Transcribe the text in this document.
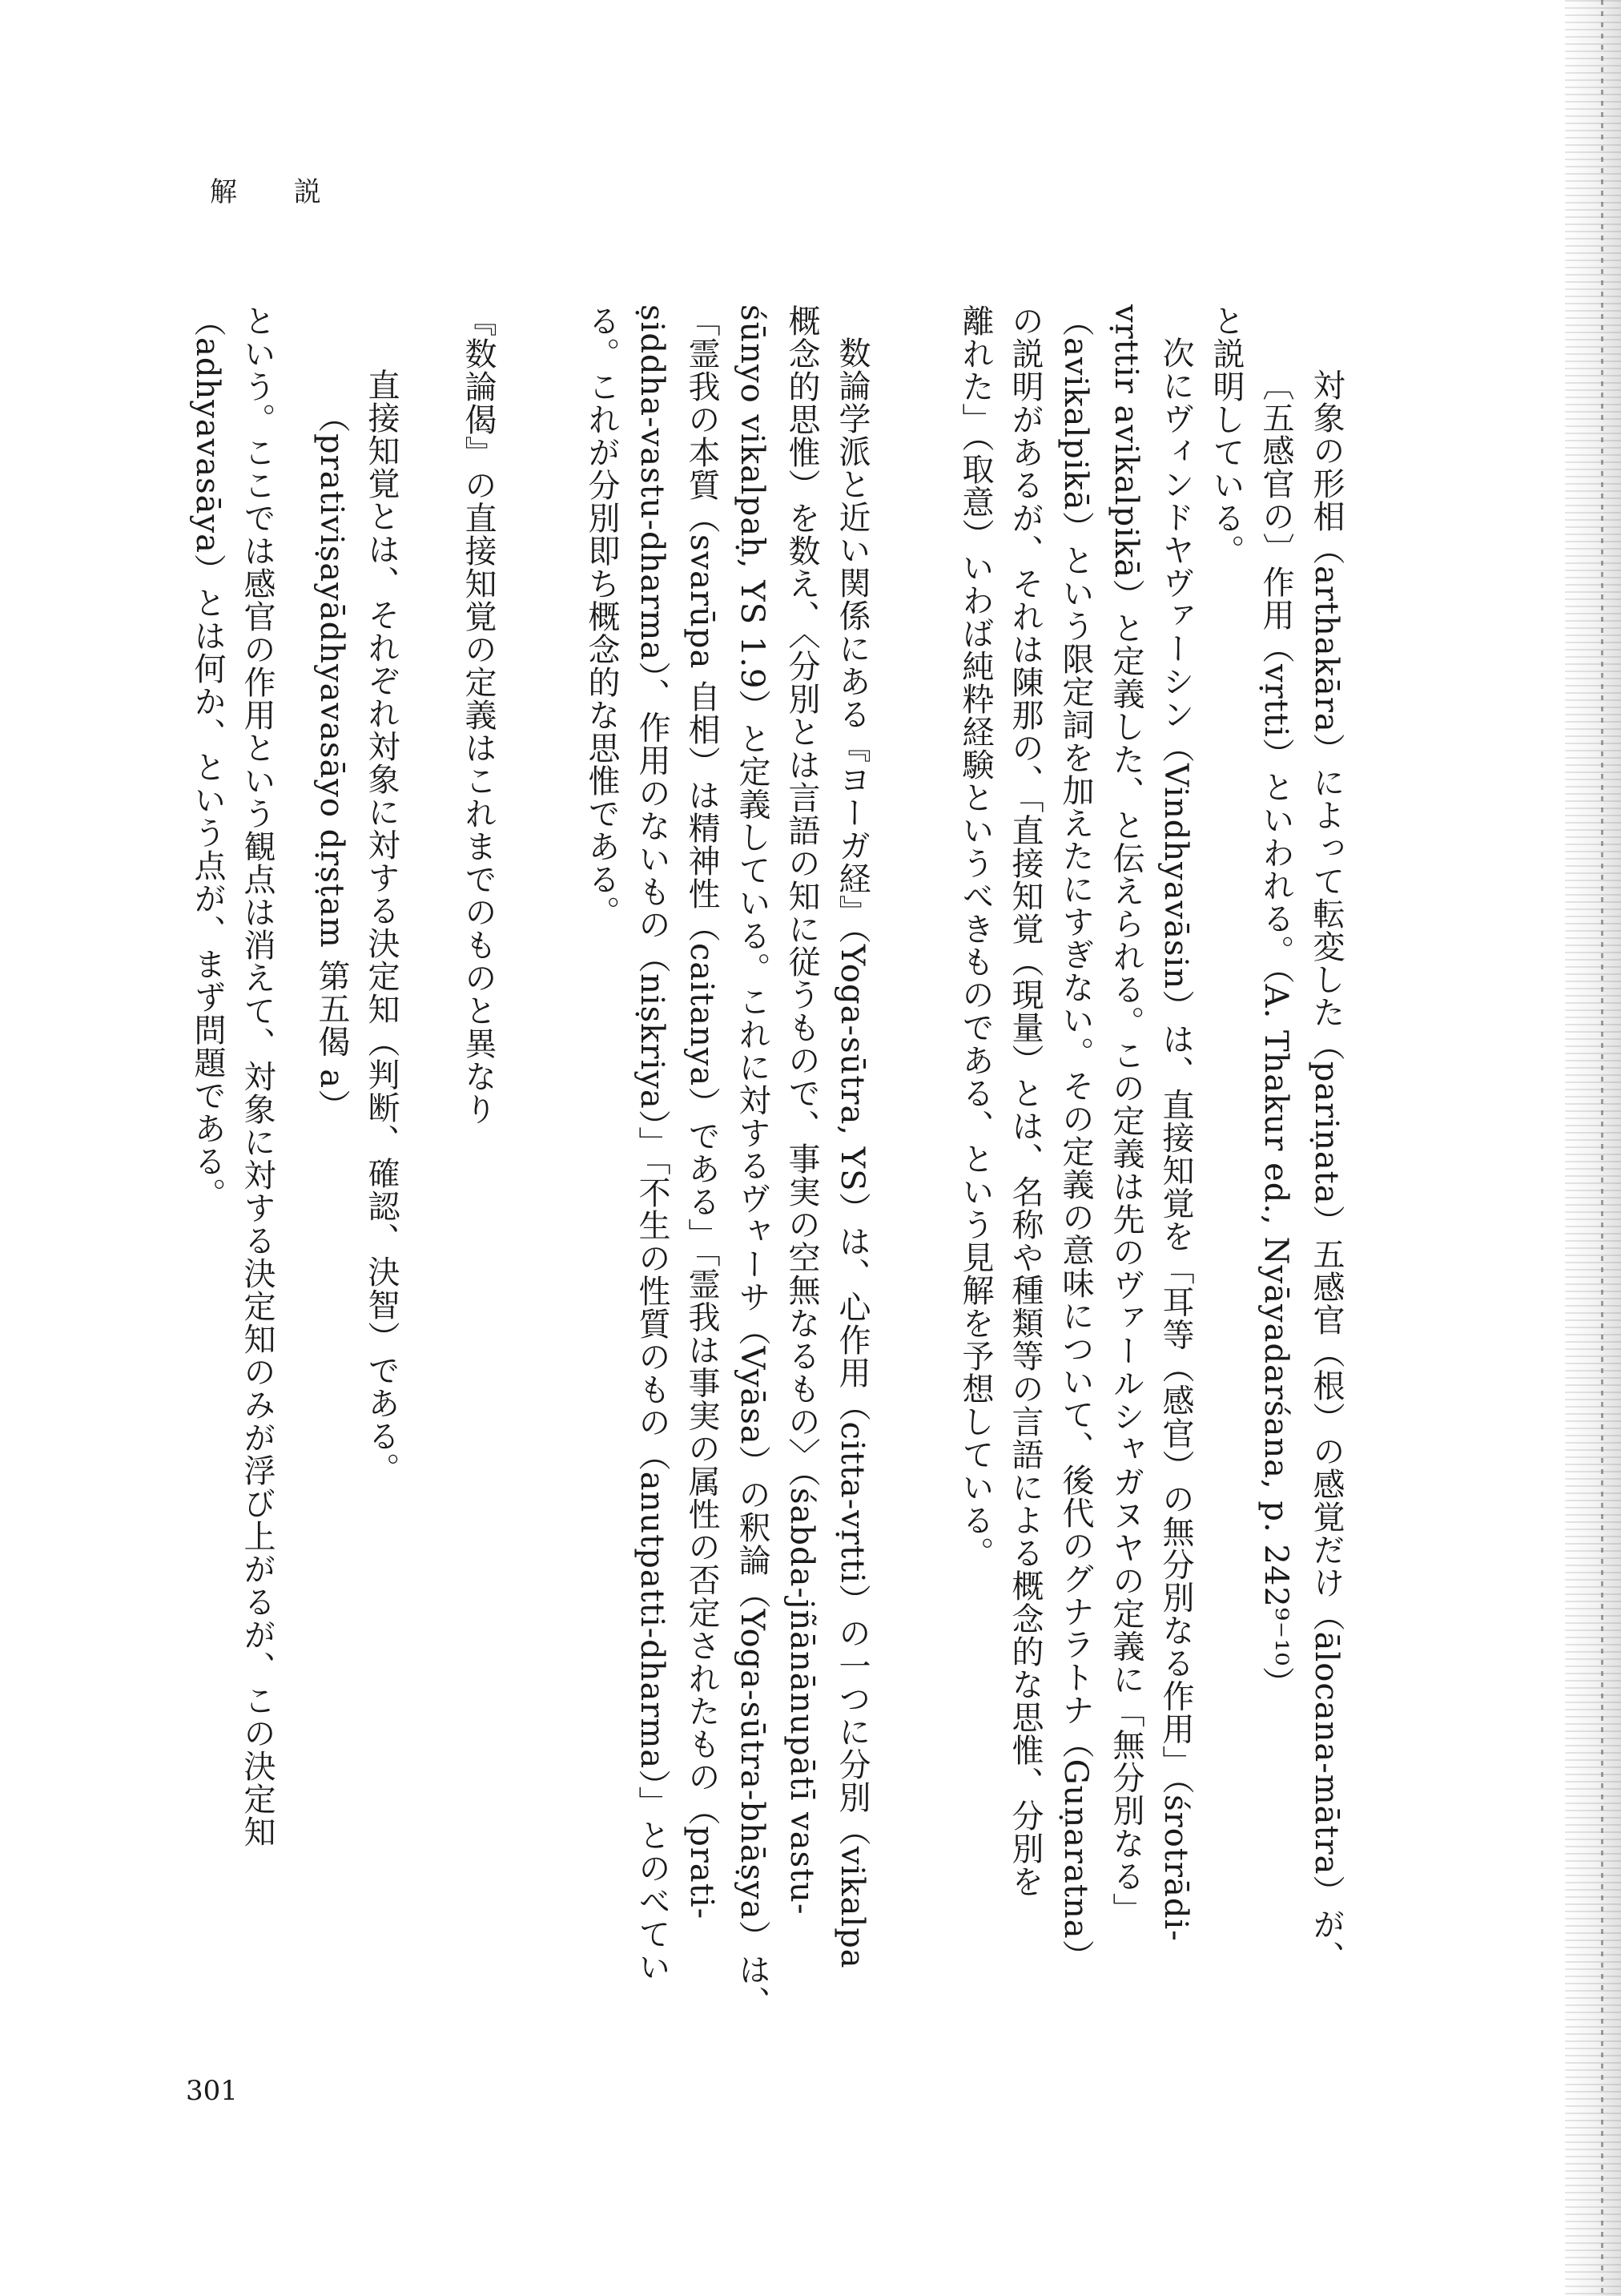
解 説
対象の形相（arthakāra）によって転変した（pariṇata）五感官（根）の感覚だけ（ālocana-mātra）が、
〔五感官の〕作用（vṛtti）といわれる。（A. Thakur ed., Nyāyadarśana, p. 242⁹⁻¹⁰）
と説明している。
次にヴィンドヤヴァーシン（Vindhyavāsin）は、直接知覚を「耳等（感官）の無分別なる作用」（śrotrādi-
vṛttir avikalpikā）と定義した、と伝えられる。この定義は先のヴァールシャガヌヤの定義に「無分別なる」
（avikalpikā）という限定詞を加えたにすぎない。その定義の意味について、後代のグナラトナ（Guṇaratna）
の説明があるが、それは陳那の、「直接知覚（現量）とは、名称や種類等の言語による概念的な思惟、分別を
離れた」（取意）いわば純粋経験というべきものである、という見解を予想している。
数論学派と近い関係にある『ヨーガ経』（Yoga-sūtra, YS）は、心作用（citta-vṛtti）の一つに分別（vikalpa
概念的思惟）を数え、〈分別とは言語の知に従うもので、事実の空無なるもの〉（śabda-jñānānupātī vastu-
śūnyo vikalpaḥ, YS 1.9）と定義している。これに対するヴャーサ（Vyāsa）の釈論（Yoga-sūtra-bhāṣya）は、
「霊我の本質（svarūpa 自相）は精神性（caitanya）である」「霊我は事実の属性の否定されたもの（prati-
ṣiddha-vastu-dharma）、作用のないもの（niṣkriya）」「不生の性質のもの（anutpatti-dharma）」とのべてい
る。これが分別即ち概念的な思惟である。
『数論偈』の直接知覚の定義はこれまでのものと異なり
直接知覚とは、それぞれ対象に対する決定知（判断、確認、決智）である。
（prativiṣayādhyavasāyo dṛṣṭam 第五偈 a）
という。ここでは感官の作用という観点は消えて、対象に対する決定知のみが浮び上がるが、この決定知
（adhyavasāya）とは何か、という点が、まず問題である。
301
